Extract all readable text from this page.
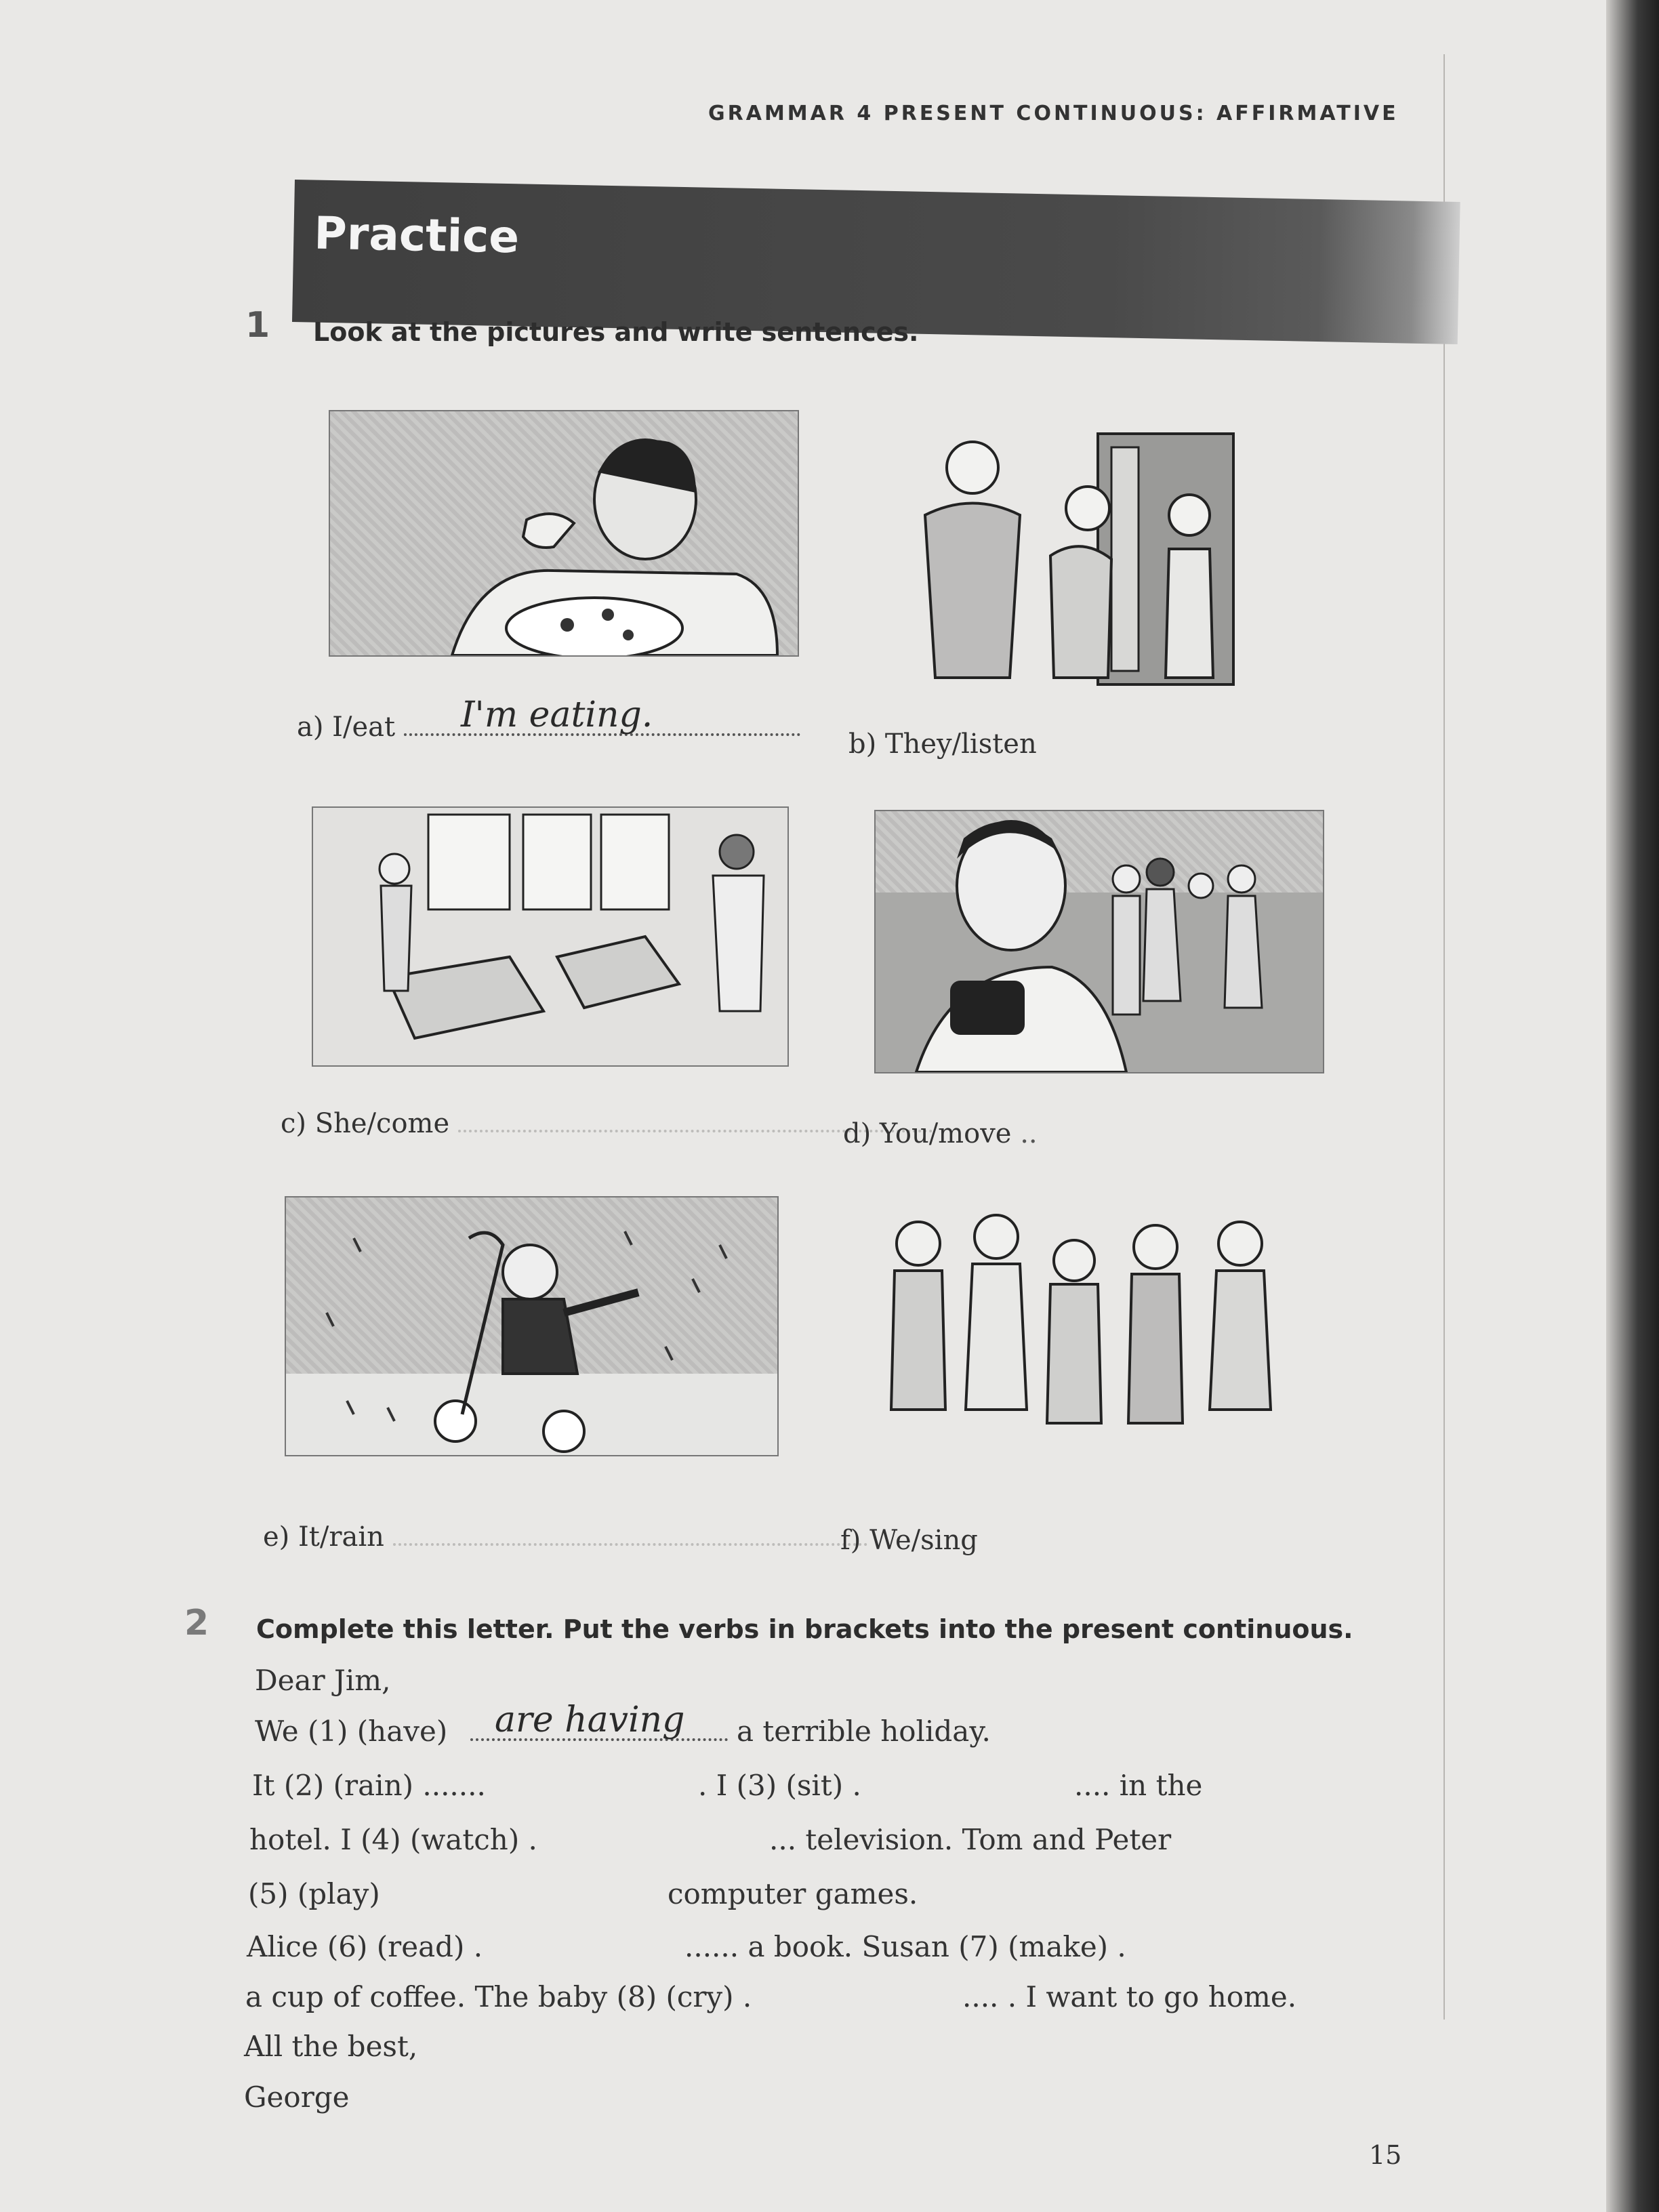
GRAMMAR 4 PRESENT CONTINUOUS: AFFIRMATIVE
Practice
1 Look at the pictures and write sentences.
a) I/eat	I'm eating.
b) They/listen
c) She/come	d) You/move ..
e) It/rain	f) We/sing
2 Complete this letter. Put the verbs in brackets into the present continuous.
Dear Jim,
We (1) (have)	a terrible holiday.
are having
It (2) (rain) .......	. I (3) (sit) .	.... in the
hotel. I (4) (watch) .	... television. Tom and Peter
(5) (play)	computer games.
Alice (6) (read) .	...... a book. Susan (7) (make) .
a cup of coffee. The baby (8) (cry) .	.... . I want to go home.
All the best,
George
15
